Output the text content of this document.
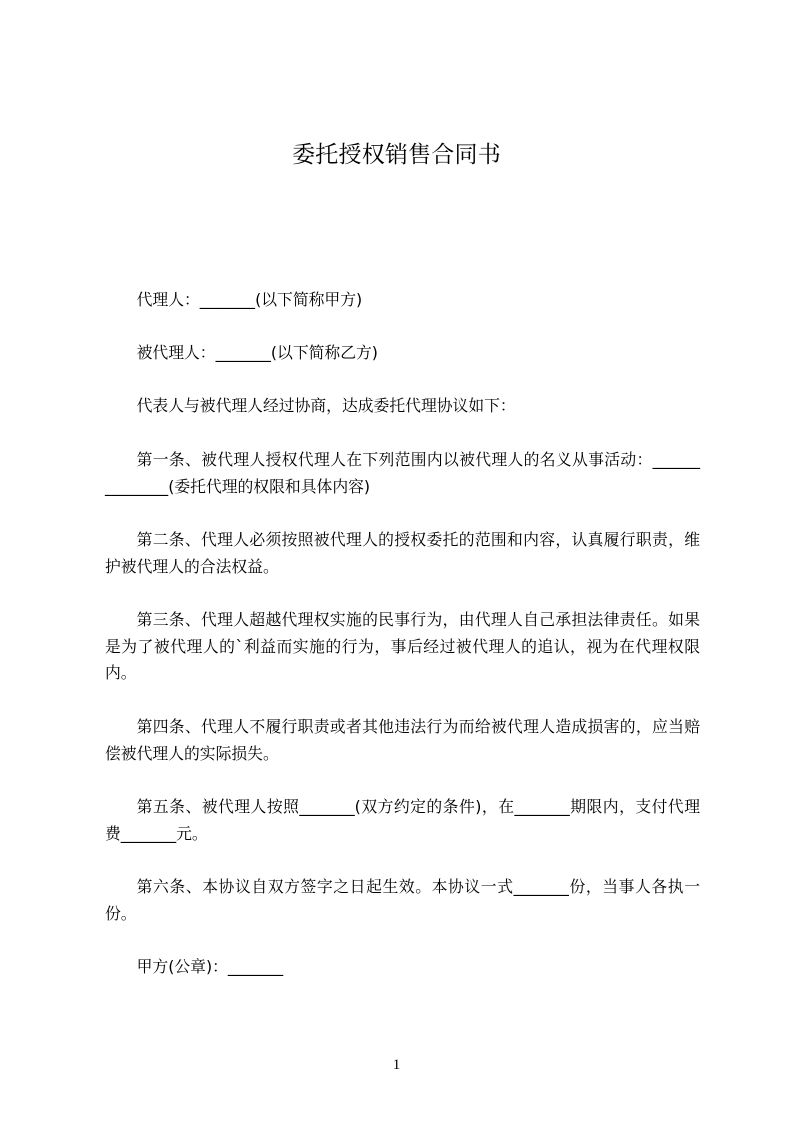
委托授权销售合同书
代理人：_______(以下简称甲方)
被代理人：_______(以下简称乙方)
代表人与被代理人经过协商，达成委托代理协议如下：
第一条、被代理人授权代理人在下列范围内以被代理人的名义从事活动：______
________(委托代理的权限和具体内容)
第二条、代理人必须按照被代理人的授权委托的范围和内容，认真履行职责，维
护被代理人的合法权益。
第三条、代理人超越代理权实施的民事行为，由代理人自己承担法律责任。如果
是为了被代理人的`利益而实施的行为，事后经过被代理人的追认，视为在代理权限
内。
第四条、代理人不履行职责或者其他违法行为而给被代理人造成损害的，应当赔
偿被代理人的实际损失。
第五条、被代理人按照_______(双方约定的条件)，在_______期限内，支付代理
费_______元。
第六条、本协议自双方签字之日起生效。本协议一式_______份，当事人各执一
份。
甲方(公章)：_______
1
